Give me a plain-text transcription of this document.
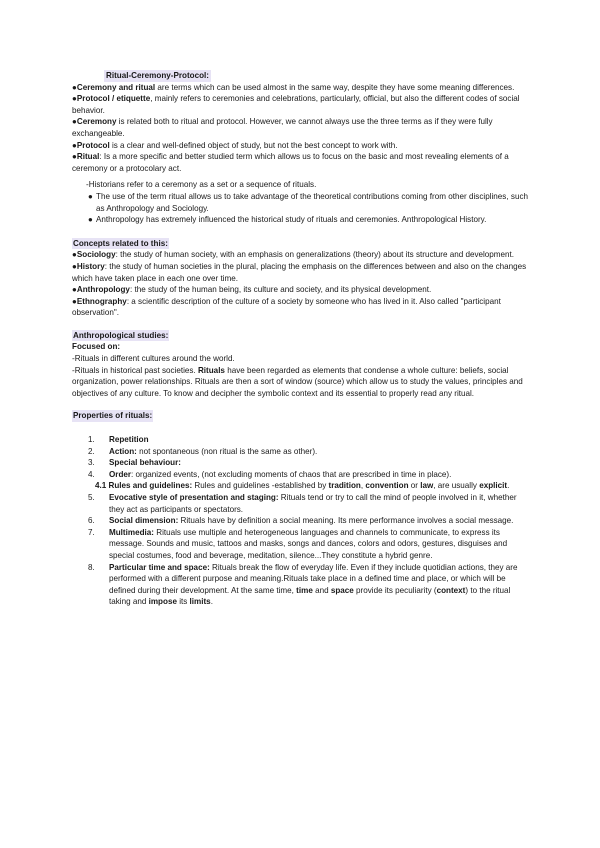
Ritual-Ceremony-Protocol:

●Ceremony and ritual are terms which can be used almost in the same way, despite they have some meaning differences.

●Protocol / etiquette, mainly refers to ceremonies and celebrations, particularly, official, but also the different codes of social behavior.

●Ceremony is related both to ritual and protocol. However, we cannot always use the three terms as if they were fully exchangeable.

●Protocol is a clear and well-defined object of study, but not the best concept to work with.

●Ritual: Is a more specific and better studied term which allows us to focus on the basic and most revealing elements of a ceremony or a protocolary act.

-Historians refer to a ceremony as a set or a sequence of rituals.

● The use of the term ritual allows us to take advantage of the theoretical contributions coming from other disciplines, such as Anthropology and Sociology.
● Anthropology has extremely influenced the historical study of rituals and ceremonies. Anthropological History.
Concepts related to this:

●Sociology: the study of human society, with an emphasis on generalizations (theory) about its structure and development.

●History: the study of human societies in the plural, placing the emphasis on the differences between and also on the changes which have taken place in each one over time.

●Anthropology: the study of the human being, its culture and society, and its physical development.

●Ethnography: a scientific description of the culture of a society by someone who has lived in it. Also called "participant observation".

Anthropological studies:

Focused on:

-Rituals in different cultures around the world.

-Rituals in historical past societies. Rituals have been regarded as elements that condense a whole culture: beliefs, social organization, power relationships. Rituals are then a sort of window (source) which allow us to study the values, principles and objectives of any culture. To know and decipher the symbolic context and its essential to properly read any ritual.

Properties of rituals:
1. Repetition
2. Action: not spontaneous (non ritual is the same as other).
3. Special behaviour:
4. Order: organized events, (not excluding moments of chaos that are prescribed in time in place).
4.1 Rules and guidelines: Rules and guidelines -established by tradition, convention or law, are usually explicit.
5. Evocative style of presentation and staging: Rituals tend or try to call the mind of people involved in it, whether they act as participants or spectators.
6. Social dimension: Rituals have by definition a social meaning. Its mere performance involves a social message.
7. Multimedia: Rituals use multiple and heterogeneous languages and channels to communicate, to express its message. Sounds and music, tattoos and masks, songs and dances, colors and odors, gestures, disguises and special costumes, food and beverage, meditation, silence...They constitute a hybrid genre.
8. Particular time and space: Rituals break the flow of everyday life. Even if they include quotidian actions, they are performed with a different purpose and meaning.Rituals take place in a defined time and place, or which will be defined during their development. At the same time, time and space provide its peculiarity (context) to the ritual taking and impose its limits.
